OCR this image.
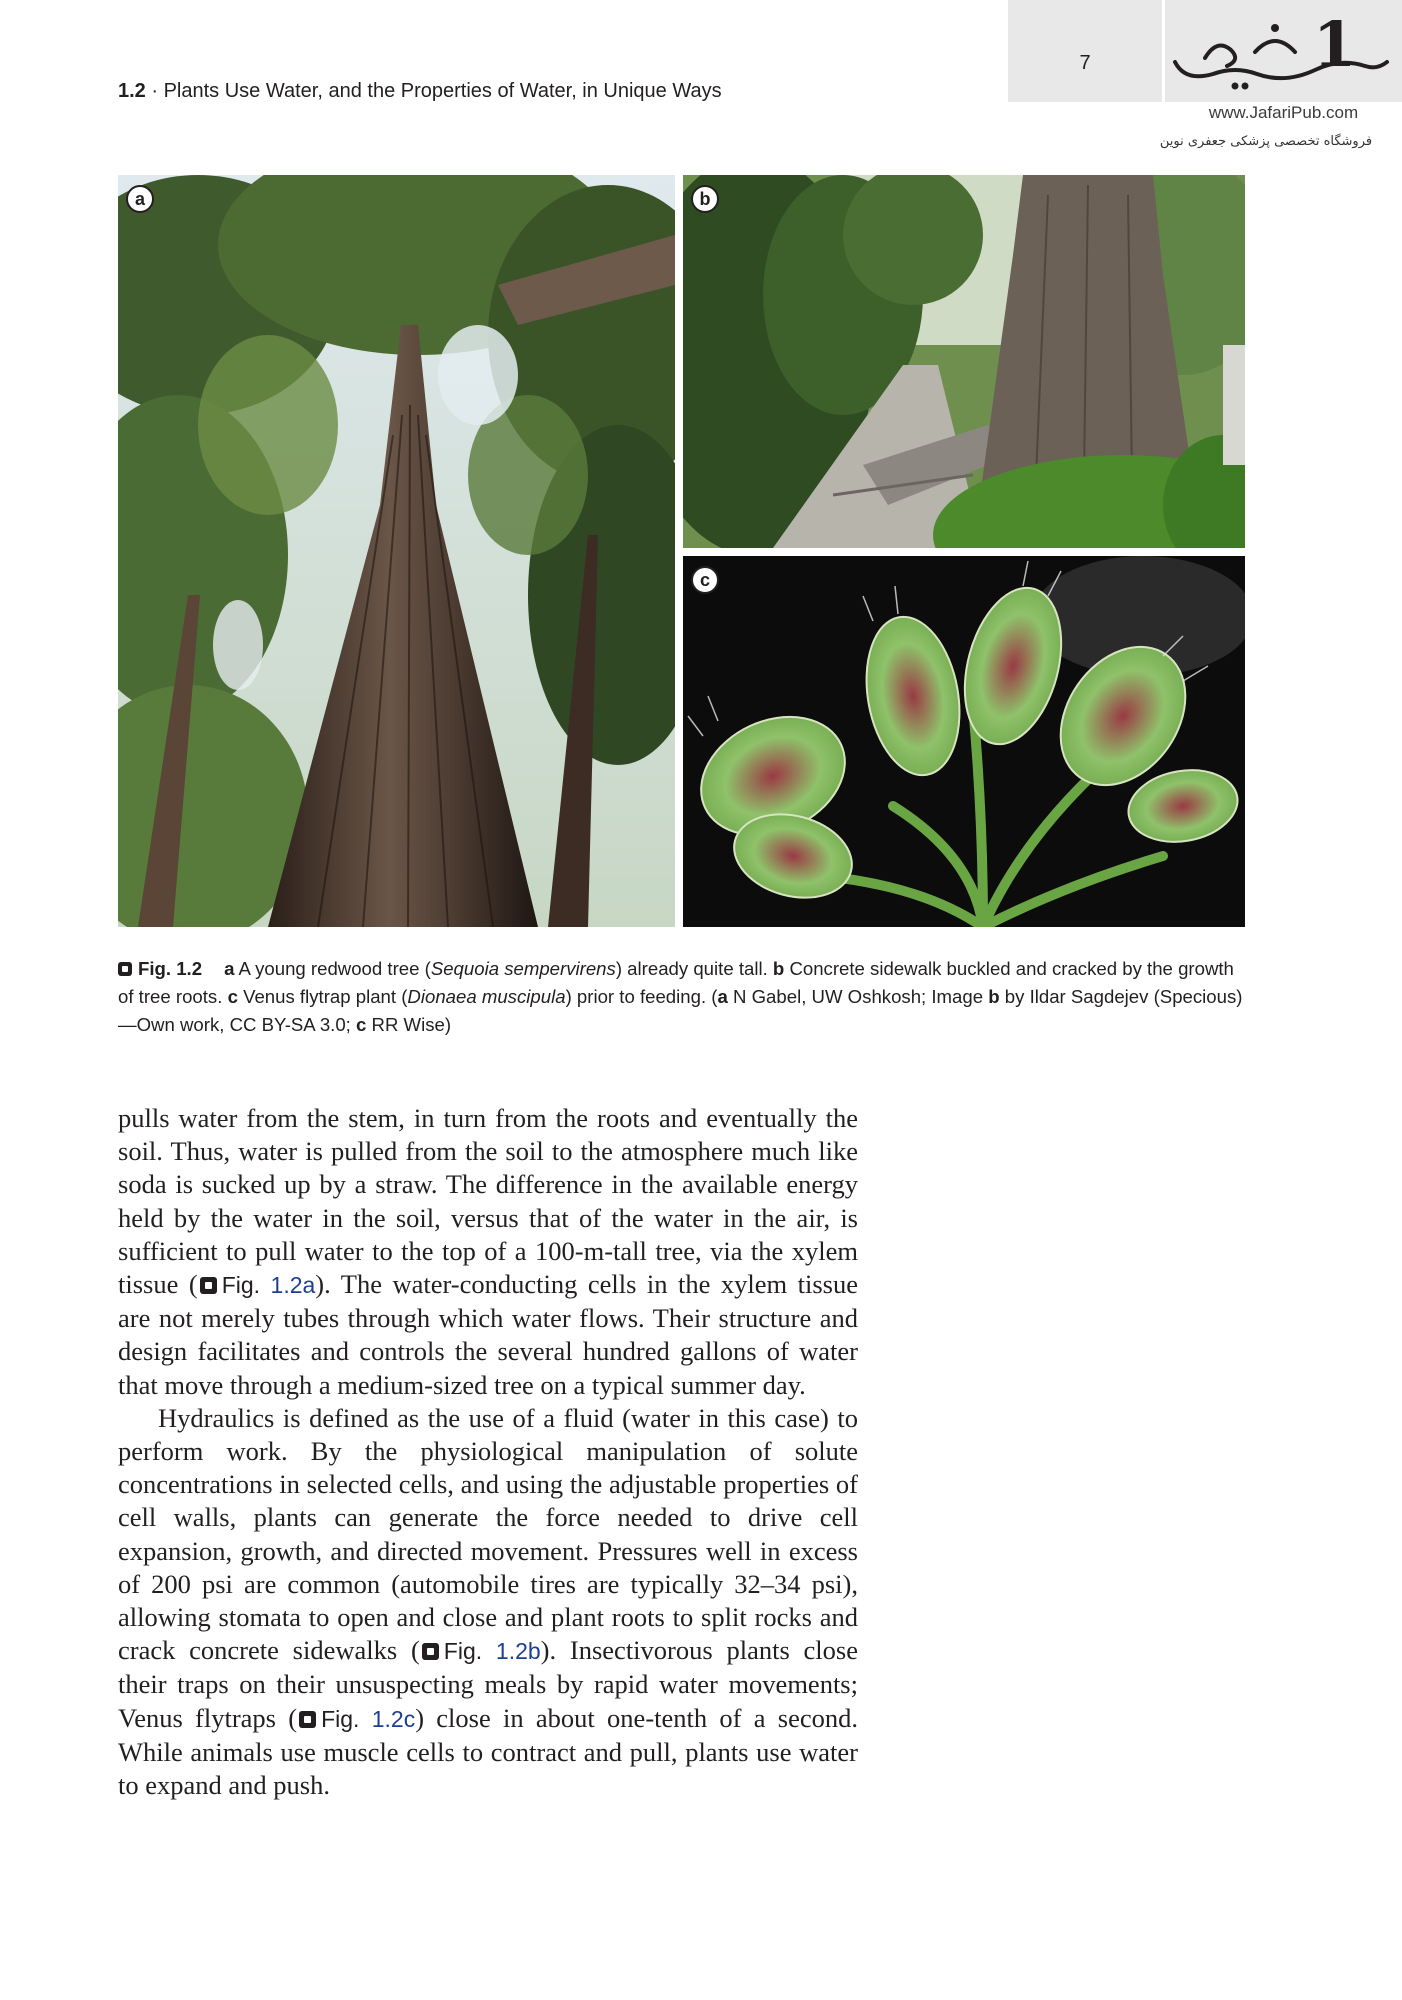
7	1
www.JafariPub.com
فروشگاه تخصصی پزشکی جعفری نوین
1.2 · Plants Use Water, and the Properties of Water, in Unique Ways
a	b
c
Fig. 1.2 a A young redwood tree (Sequoia sempervirens) already quite tall. b Concrete sidewalk buckled and cracked by the growth of tree roots. c Venus flytrap plant (Dionaea muscipula) prior to feeding. (a N Gabel, UW Oshkosh; Image b by Ildar Sagdejev (Specious)—Own work, CC BY-SA 3.0; c RR Wise)

pulls water from the stem, in turn from the roots and eventually the soil. Thus, water is pulled from the soil to the atmosphere much like soda is sucked up by a straw. The difference in the available energy held by the water in the soil, versus that of the water in the air, is sufficient to pull water to the top of a 100-m-tall tree, via the xylem tissue ( Fig. 1.2a). The water-conducting cells in the xylem tissue are not merely tubes through which water flows. Their structure and design facilitates and controls the several hundred gallons of water that move through a medium-sized tree on a typical summer day.

Hydraulics is defined as the use of a fluid (water in this case) to perform work. By the physiological manipulation of solute concentrations in selected cells, and using the adjustable properties of cell walls, plants can generate the force needed to drive cell expansion, growth, and directed movement. Pressures well in excess of 200 psi are common (automobile tires are typically 32–34 psi), allowing stomata to open and close and plant roots to split rocks and crack concrete sidewalks ( Fig. 1.2b). Insectivorous plants close their traps on their unsuspecting meals by rapid water movements; Venus flytraps ( Fig. 1.2c) close in about one-tenth of a second. While animals use muscle cells to contract and pull, plants use water to expand and push.
